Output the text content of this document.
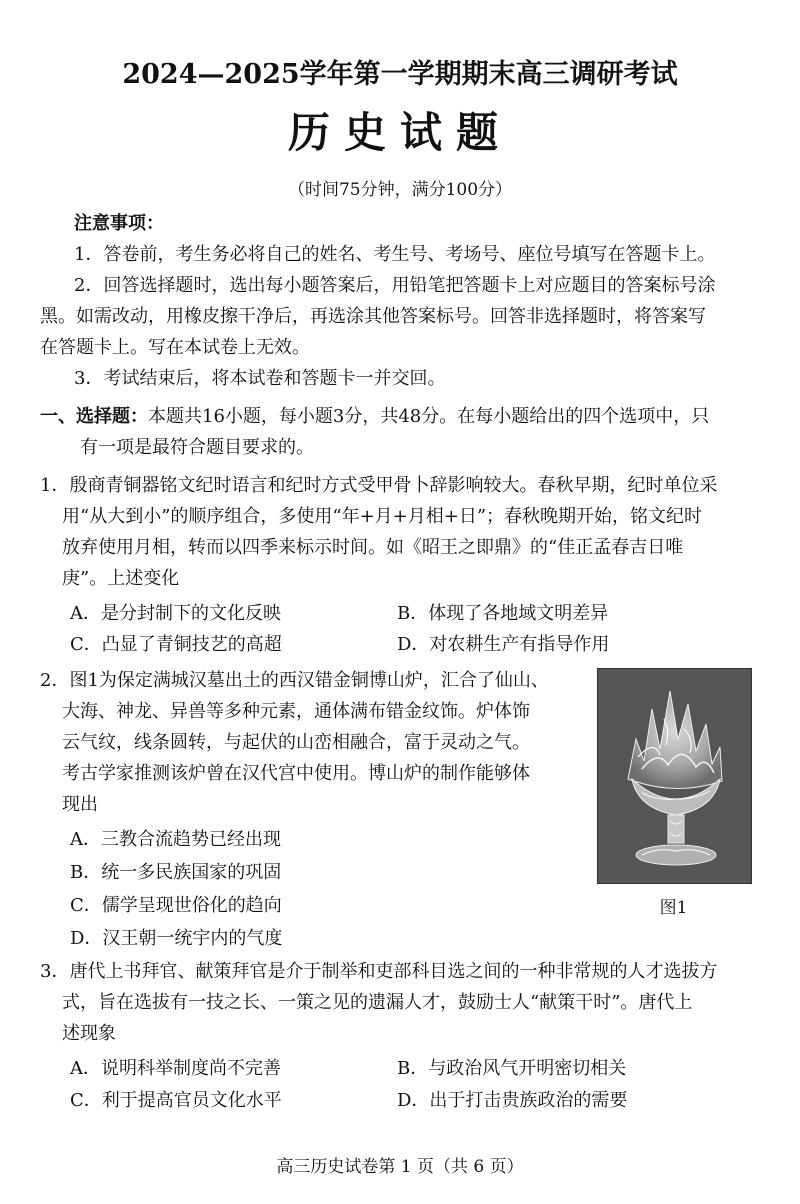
2024—2025学年第一学期期末高三调研考试
历史试题
（时间75分钟，满分100分）
注意事项：
1．答卷前，考生务必将自己的姓名、考生号、考场号、座位号填写在答题卡上。
2．回答选择题时，选出每小题答案后，用铅笔把答题卡上对应题目的答案标号涂
黑。如需改动，用橡皮擦干净后，再选涂其他答案标号。回答非选择题时，将答案写
在答题卡上。写在本试卷上无效。
3．考试结束后，将本试卷和答题卡一并交回。
一、选择题：本题共16小题，每小题3分，共48分。在每小题给出的四个选项中，只
有一项是最符合题目要求的。
1．殷商青铜器铭文纪时语言和纪时方式受甲骨卜辞影响较大。春秋早期，纪时单位采
用“从大到小”的顺序组合，多使用“年+月+月相+日”；春秋晚期开始，铭文纪时
放弃使用月相，转而以四季来标示时间。如《昭王之即鼎》的“佳正孟春吉日唯
庚”。上述变化
A．是分封制下的文化反映	B．体现了各地域文明差异
C．凸显了青铜技艺的高超	D．对农耕生产有指导作用
2．图1为保定满城汉墓出土的西汉错金铜博山炉，汇合了仙山、
大海、神龙、异兽等多种元素，通体满布错金纹饰。炉体饰
云气纹，线条圆转，与起伏的山峦相融合，富于灵动之气。
考古学家推测该炉曾在汉代宫中使用。博山炉的制作能够体
现出
A．三教合流趋势已经出现
B．统一多民族国家的巩固
C．儒学呈现世俗化的趋向
D．汉王朝一统宇内的气度
图1
3．唐代上书拜官、献策拜官是介于制举和吏部科目选之间的一种非常规的人才选拔方
式，旨在选拔有一技之长、一策之见的遗漏人才，鼓励士人“献策干时”。唐代上
述现象
A．说明科举制度尚不完善	B．与政治风气开明密切相关
C．利于提高官员文化水平	D．出于打击贵族政治的需要
高三历史试卷第 1 页（共 6 页）
